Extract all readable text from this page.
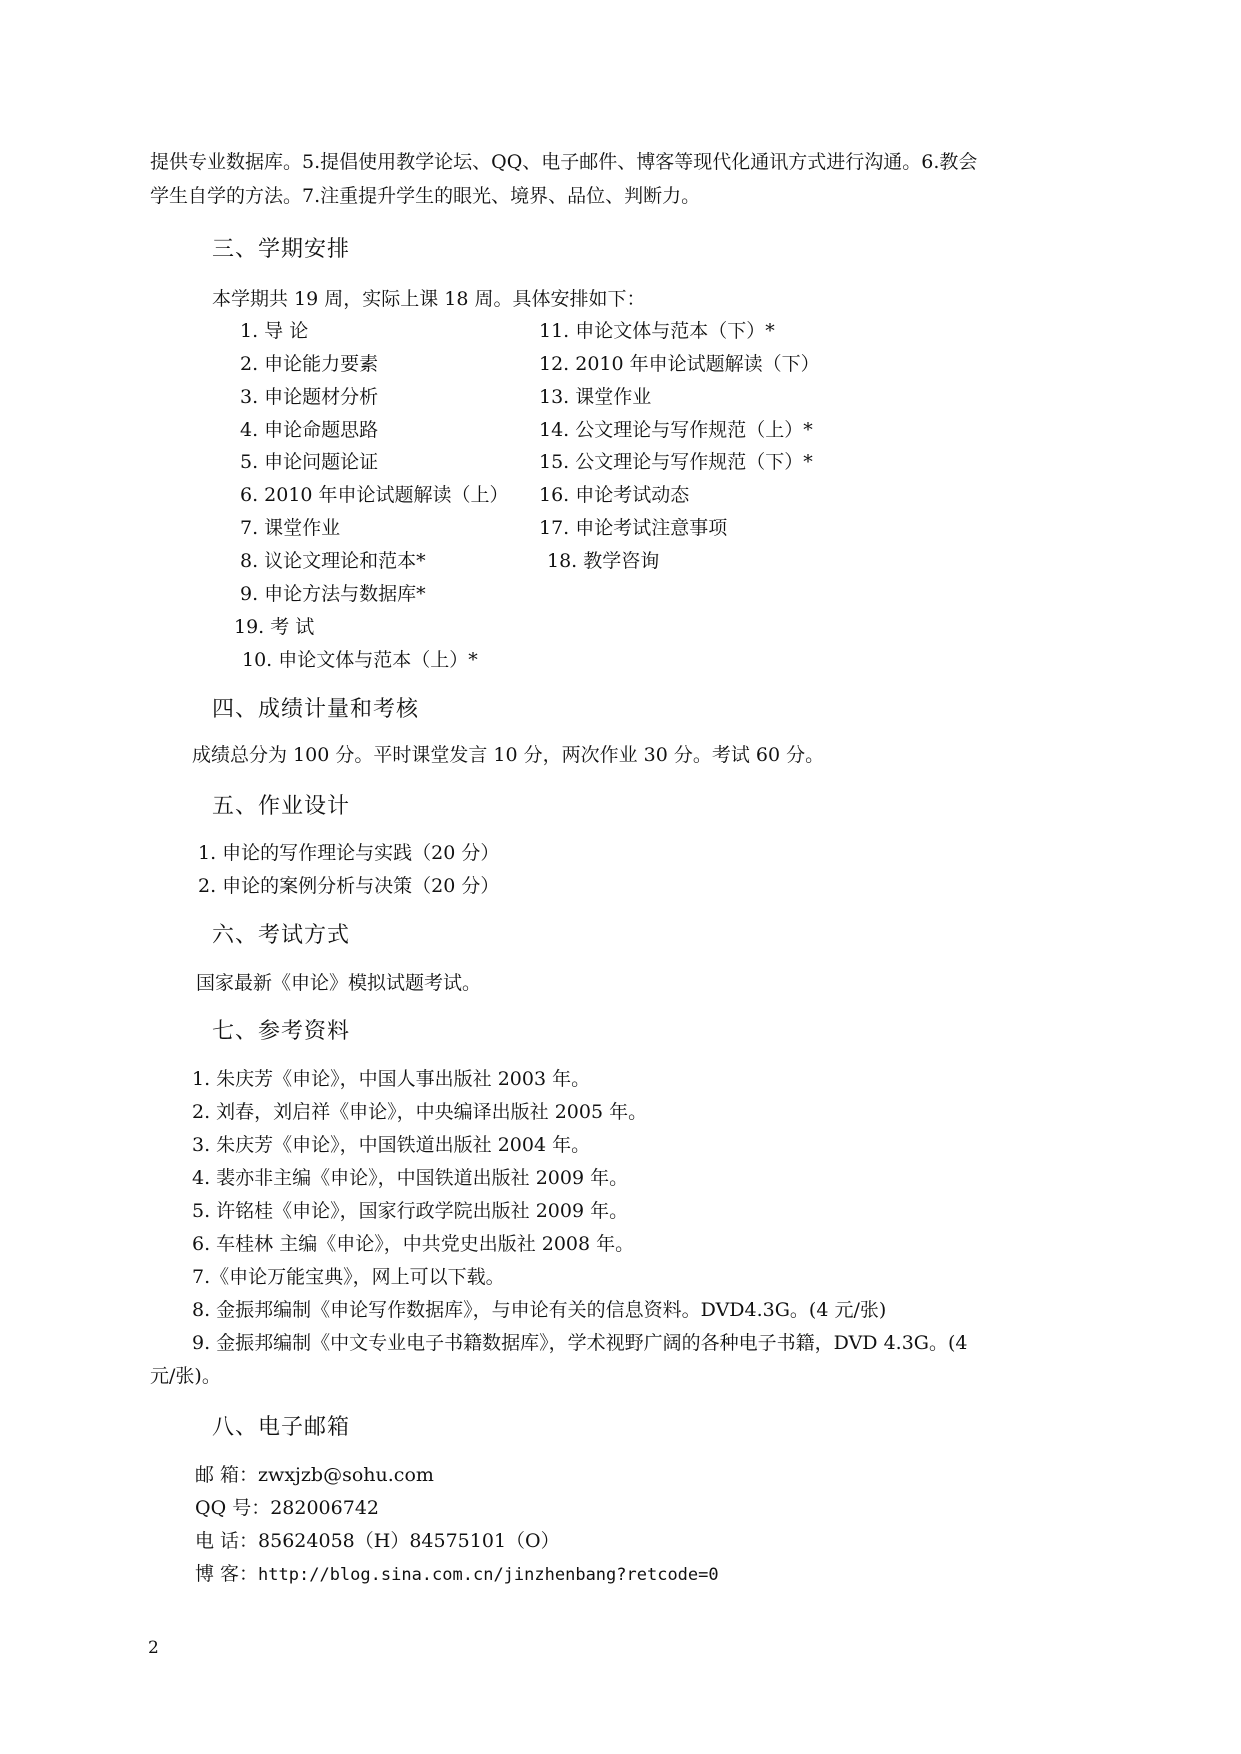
提供专业数据库。5.提倡使用教学论坛、QQ、电子邮件、博客等现代化通讯方式进行沟通。6.教会
学生自学的方法。7.注重提升学生的眼光、境界、品位、判断力。
三、学期安排
本学期共 19 周，实际上课 18 周。具体安排如下：
1. 导 论
2. 申论能力要素
3. 申论题材分析
4. 申论命题思路
5. 申论问题论证
6. 2010 年申论试题解读（上）
7. 课堂作业
8. 议论文理论和范本*
9. 申论方法与数据库*
19. 考 试
10. 申论文体与范本（上）*
11. 申论文体与范本（下）*
12. 2010 年申论试题解读（下）
13. 课堂作业
14. 公文理论与写作规范（上）*
15. 公文理论与写作规范（下）*
16. 申论考试动态
17. 申论考试注意事项
18. 教学咨询
四、成绩计量和考核
成绩总分为 100 分。平时课堂发言 10 分，两次作业 30 分。考试 60 分。
五、作业设计
1. 申论的写作理论与实践（20 分）
2. 申论的案例分析与决策（20 分）
六、考试方式
国家最新《申论》模拟试题考试。
七、参考资料
1. 朱庆芳《申论》，中国人事出版社 2003 年。
2. 刘春，刘启祥《申论》，中央编译出版社 2005 年。
3. 朱庆芳《申论》，中国铁道出版社 2004 年。
4. 裴亦非主编《申论》，中国铁道出版社 2009 年。
5. 许铭桂《申论》，国家行政学院出版社 2009 年。
6. 车桂林 主编《申论》，中共党史出版社 2008 年。
7.《申论万能宝典》，网上可以下载。
8. 金振邦编制《申论写作数据库》，与申论有关的信息资料。DVD4.3G。(4 元/张)
9. 金振邦编制《中文专业电子书籍数据库》，学术视野广阔的各种电子书籍，DVD 4.3G。(4
元/张)。
八、电子邮箱
邮 箱：zwxjzb@sohu.com
QQ 号：282006742
电 话：85624058（H）84575101（O）
博 客：http://blog.sina.com.cn/jinzhenbang?retcode=0
2
